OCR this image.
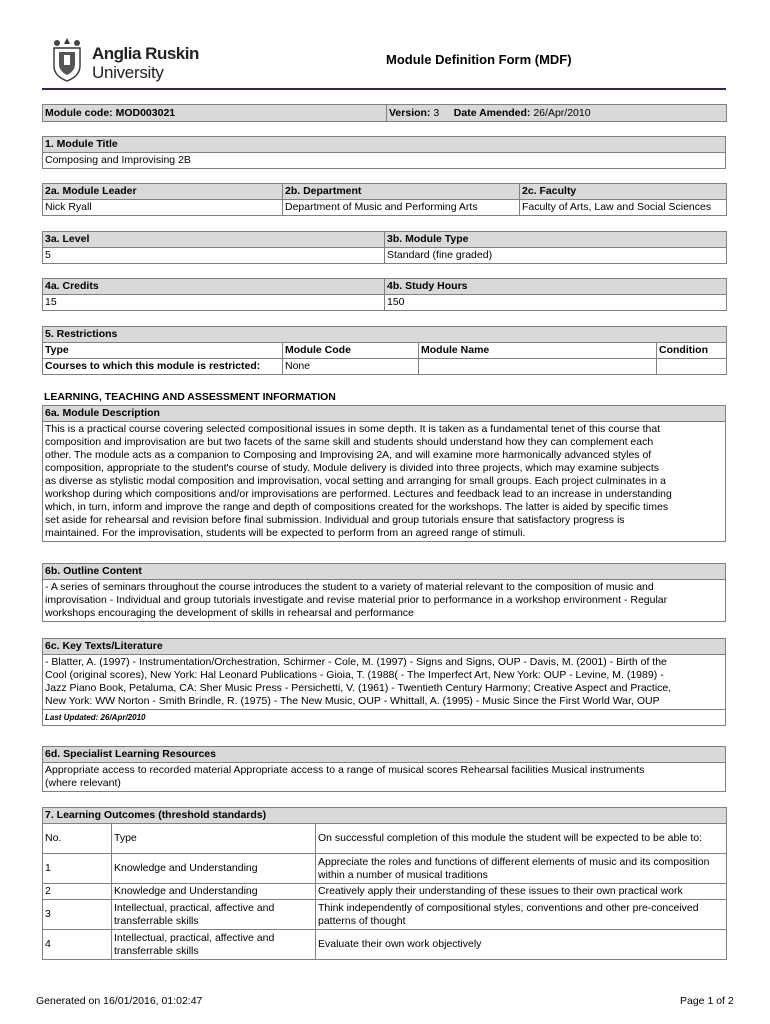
Anglia Ruskin
University
Module Definition Form (MDF)
Module code: MOD003021	Version: 3 Date Amended: 26/Apr/2010
1. Module Title
Composing and Improvising 2B
2a. Module Leader	2b. Department	2c. Faculty
Nick Ryall	Department of Music and Performing Arts	Faculty of Arts, Law and Social Sciences
3a. Level	3b. Module Type
5	Standard (fine graded)
4a. Credits	4b. Study Hours
15	150
5. Restrictions			
Type	Module Code	Module Name	Condition
Courses to which this module is restricted:	None		
LEARNING, TEACHING AND ASSESSMENT INFORMATION
6a. Module Description

This is a practical course covering selected compositional issues in some depth. It is taken as a fundamental tenet of this course that
composition and improvisation are but two facets of the same skill and students should understand how they can complement each
other. The module acts as a companion to Composing and Improvising 2A, and will examine more harmonically advanced styles of
composition, appropriate to the student's course of study. Module delivery is divided into three projects, which may examine subjects
as diverse as stylistic modal composition and improvisation, vocal setting and arranging for small groups. Each project culminates in a
workshop during which compositions and/or improvisations are performed. Lectures and feedback lead to an increase in understanding
which, in turn, inform and improve the range and depth of compositions created for the workshops. The latter is aided by specific times
set aside for rehearsal and revision before final submission. Individual and group tutorials ensure that satisfactory progress is
maintained. For the improvisation, students will be expected to perform from an agreed range of stimuli.
6b. Outline Content

- A series of seminars throughout the course introduces the student to a variety of material relevant to the composition of music and
improvisation - Individual and group tutorials investigate and revise material prior to performance in a workshop environment - Regular
workshops encouraging the development of skills in rehearsal and performance
6c. Key Texts/Literature

- Blatter, A. (1997) - Instrumentation/Orchestration, Schirmer - Cole, M. (1997) - Signs and Signs, OUP - Davis, M. (2001) - Birth of the
Cool (original scores), New York: Hal Leonard Publications - Gioia, T. (1988( - The Imperfect Art, New York: OUP - Levine, M. (1989) -
Jazz Piano Book, Petaluma, CA: Sher Music Press - Persichetti, V. (1961) - Twentieth Century Harmony; Creative Aspect and Practice,
New York: WW Norton - Smith Brindle, R. (1975) - The New Music, OUP - Whittall, A. (1995) - Music Since the First World War, OUP

Last Updated: 26/Apr/2010
6d. Specialist Learning Resources

Appropriate access to recorded material Appropriate access to a range of musical scores Rehearsal facilities Musical instruments
(where relevant)
7. Learning Outcomes (threshold standards)		
No.	Type	On successful completion of this module the student will be expected to be able to:
1	Knowledge and Understanding	Appreciate the roles and functions of different elements of music and its composition within a number of musical traditions
2	Knowledge and Understanding	Creatively apply their understanding of these issues to their own practical work
3	Intellectual, practical, affective and transferrable skills	Think independently of compositional styles, conventions and other pre-conceived patterns of thought
4	Intellectual, practical, affective and transferrable skills	Evaluate their own work objectively
Generated on 16/01/2016, 01:02:47	Page 1 of 2
